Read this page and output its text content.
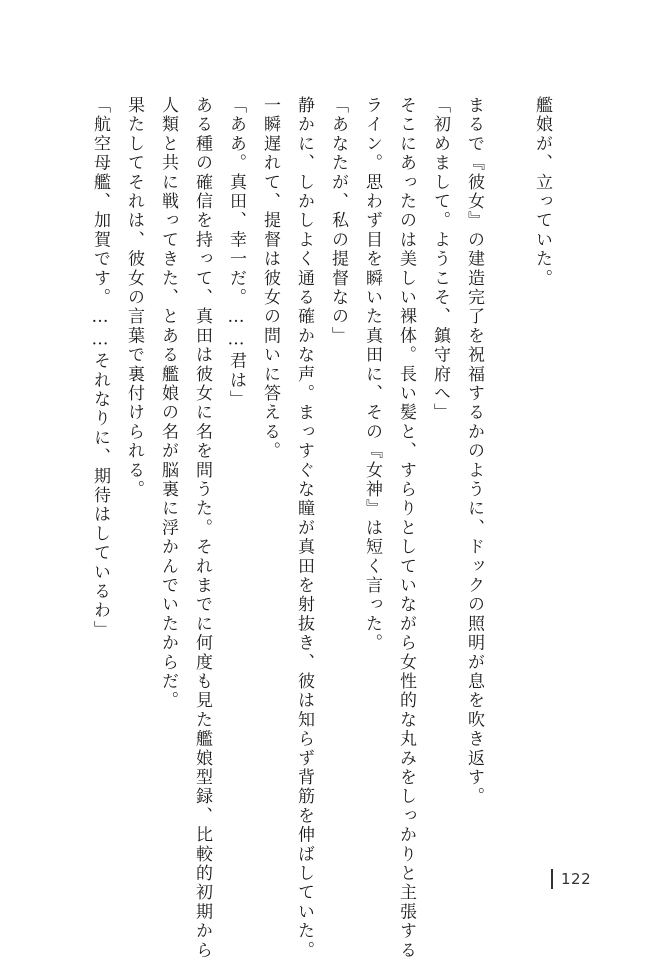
艦娘が、立っていた。
まるで『彼女』の建造完了を祝福するかのように、ドックの照明が息を吹き返す。
「初めまして。ようこそ、鎮守府へ」
そこにあったのは美しい裸体。長い髪と、すらりとしていながら女性的な丸みをしっかりと主張する
ライン。思わず目を瞬いた真田に、その『女神』は短く言った。
「あなたが、私の提督なの」
静かに、しかしよく通る確かな声。まっすぐな瞳が真田を射抜き、彼は知らず背筋を伸ばしていた。
一瞬遅れて、提督は彼女の問いに答える。
「ああ。真田、幸一だ。……君は」
ある種の確信を持って、真田は彼女に名を問うた。それまでに何度も見た艦娘型録、比較的初期から
人類と共に戦ってきた、とある艦娘の名が脳裏に浮かんでいたからだ。
果たしてそれは、彼女の言葉で裏付けられる。
「航空母艦、加賀です。……それなりに、期待はしているわ」
122
